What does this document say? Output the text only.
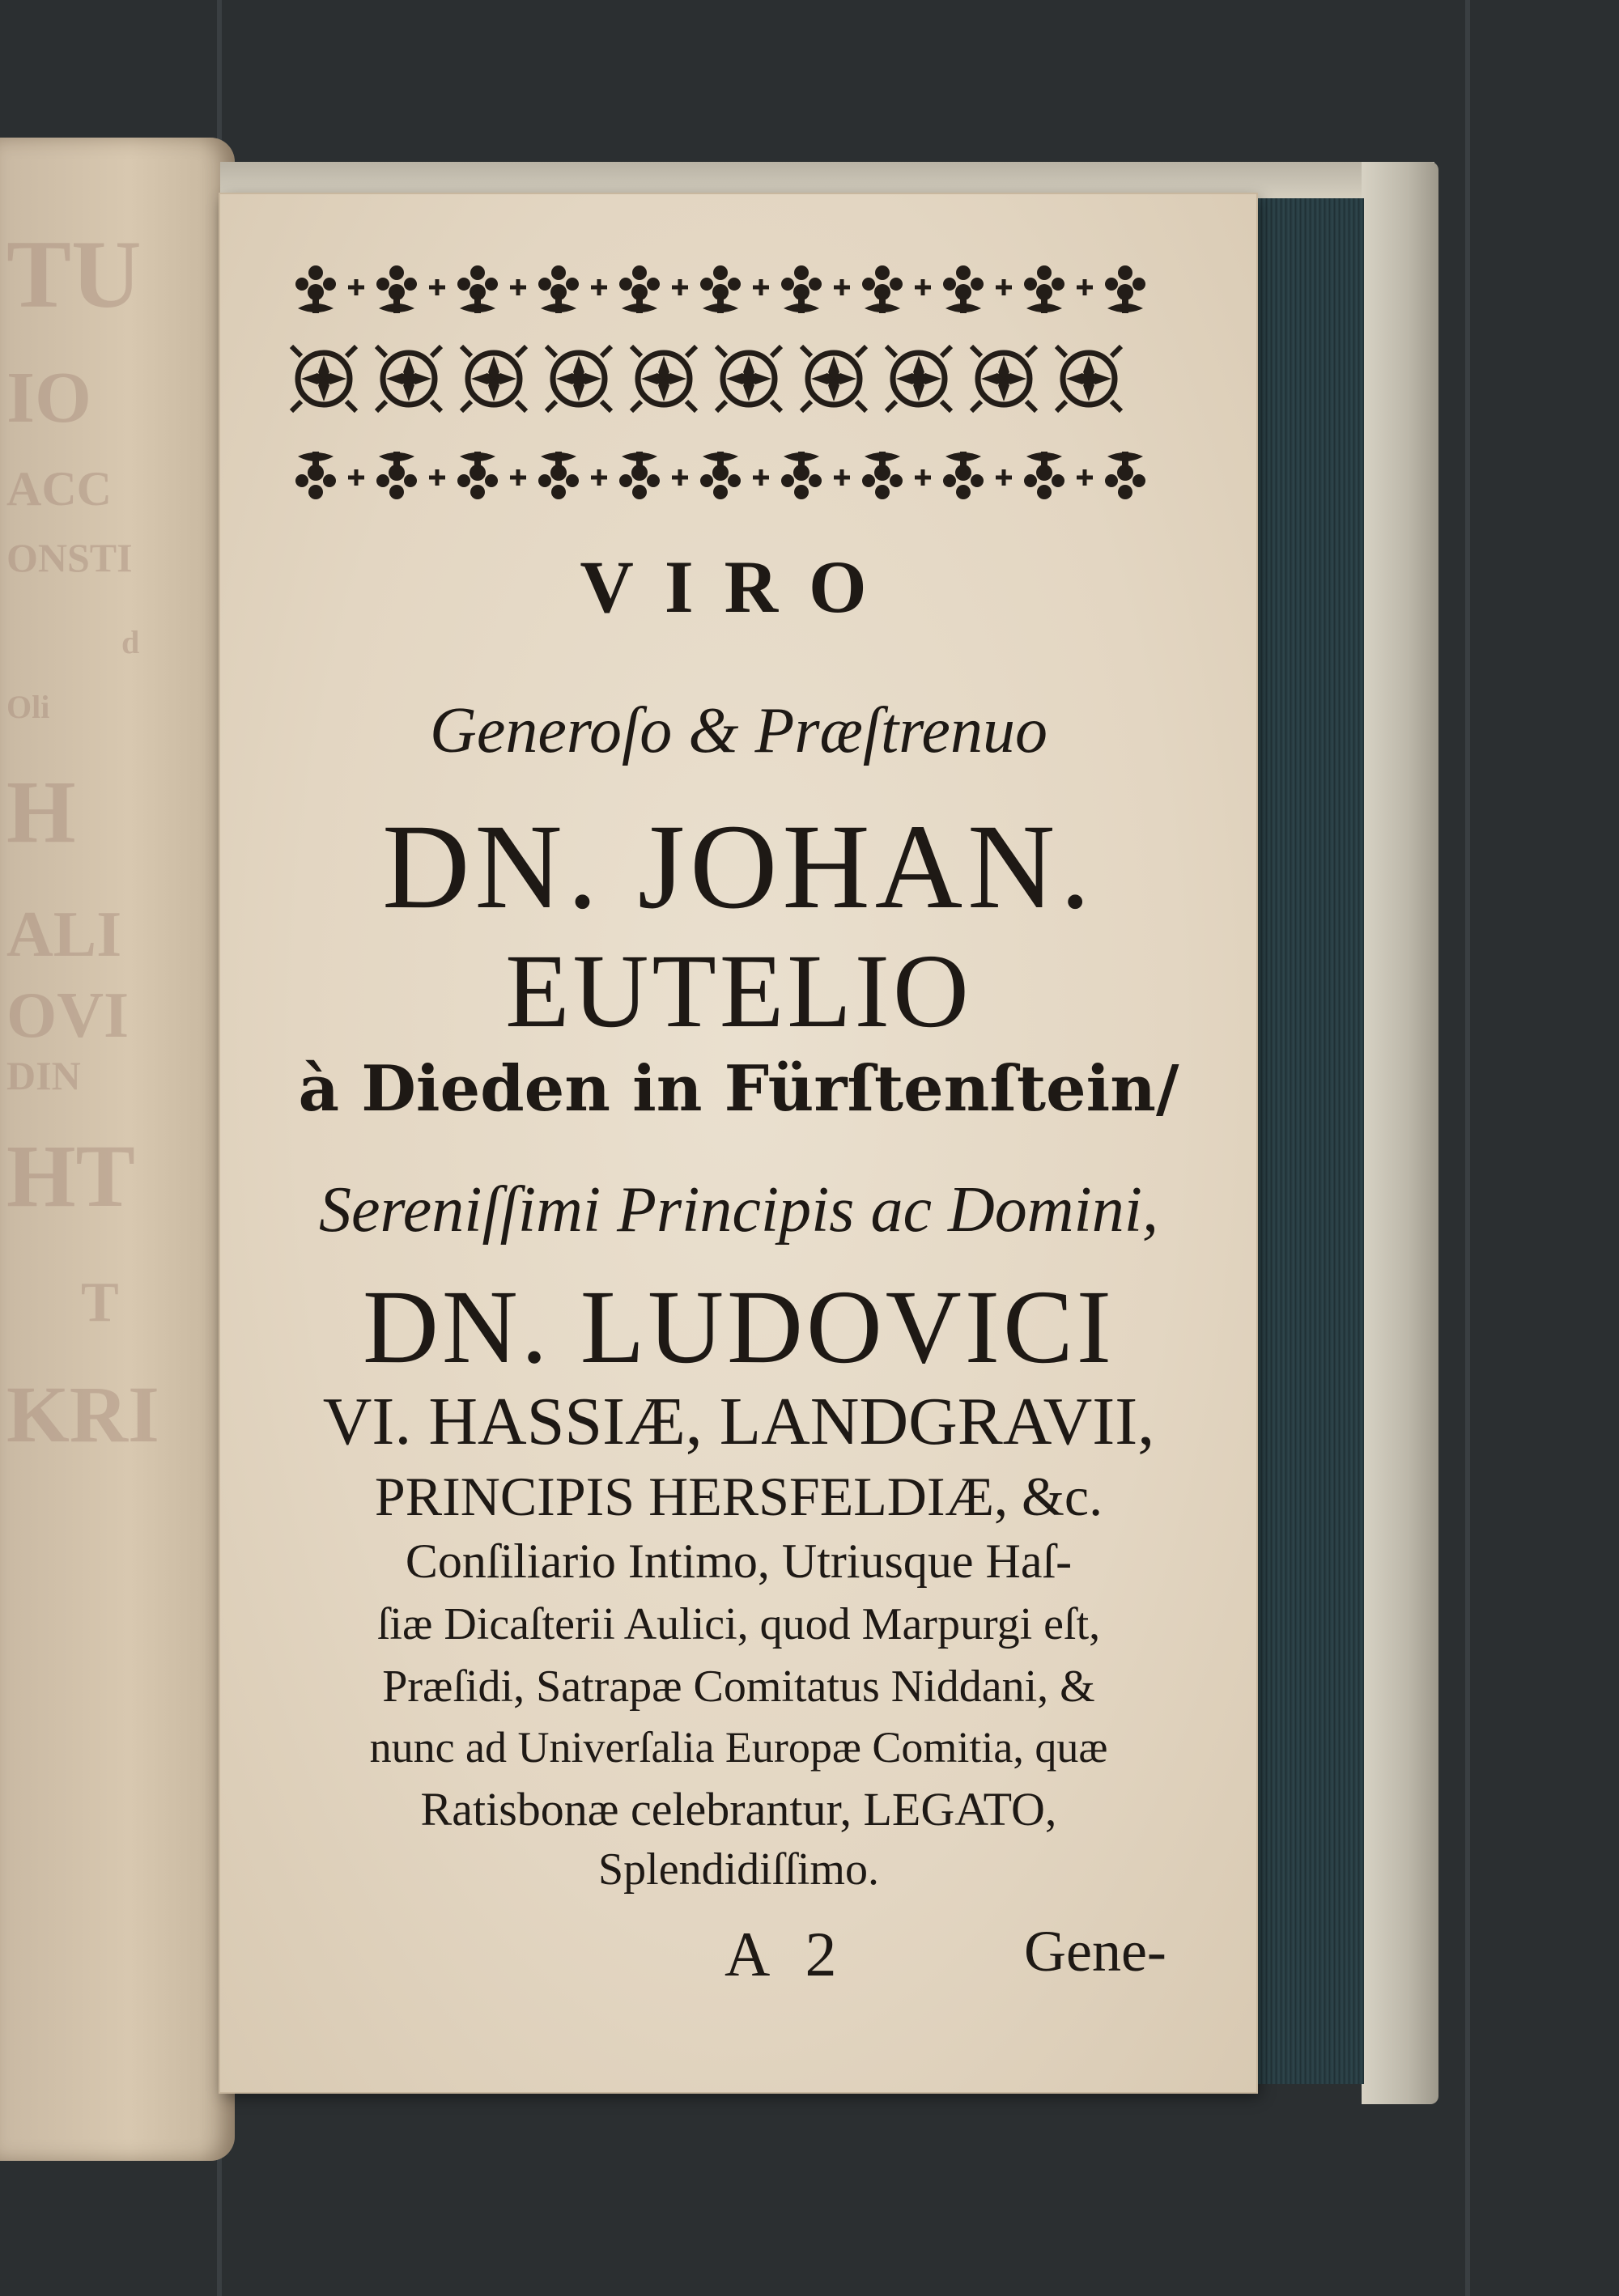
TU
IO
ACC
ONSTI
d
Oli
H
ALI
OVI
DIN
HT
T
KRI

VIRO

Generoſo & Præſtrenuo

DN. JOHAN.

EUTELIO

à Dieden in Fürſtenſtein/

Sereniſſimi Principis ac Domini,

DN. LUDOVICI

VI. HASSIÆ, LANDGRAVII,

PRINCIPIS HERSFELDIÆ, &c.

Conſiliario Intimo, Utriusque Haſ-

ſiæ Dicaſterii Aulici, quod Marpurgi eſt,

Præſidi, Satrapæ Comitatus Niddani, &

nunc ad Univerſalia Europæ Comitia, quæ

Ratisbonæ celebrantur, LEGATO,

Splendidiſſimo.

A 2	Gene-
